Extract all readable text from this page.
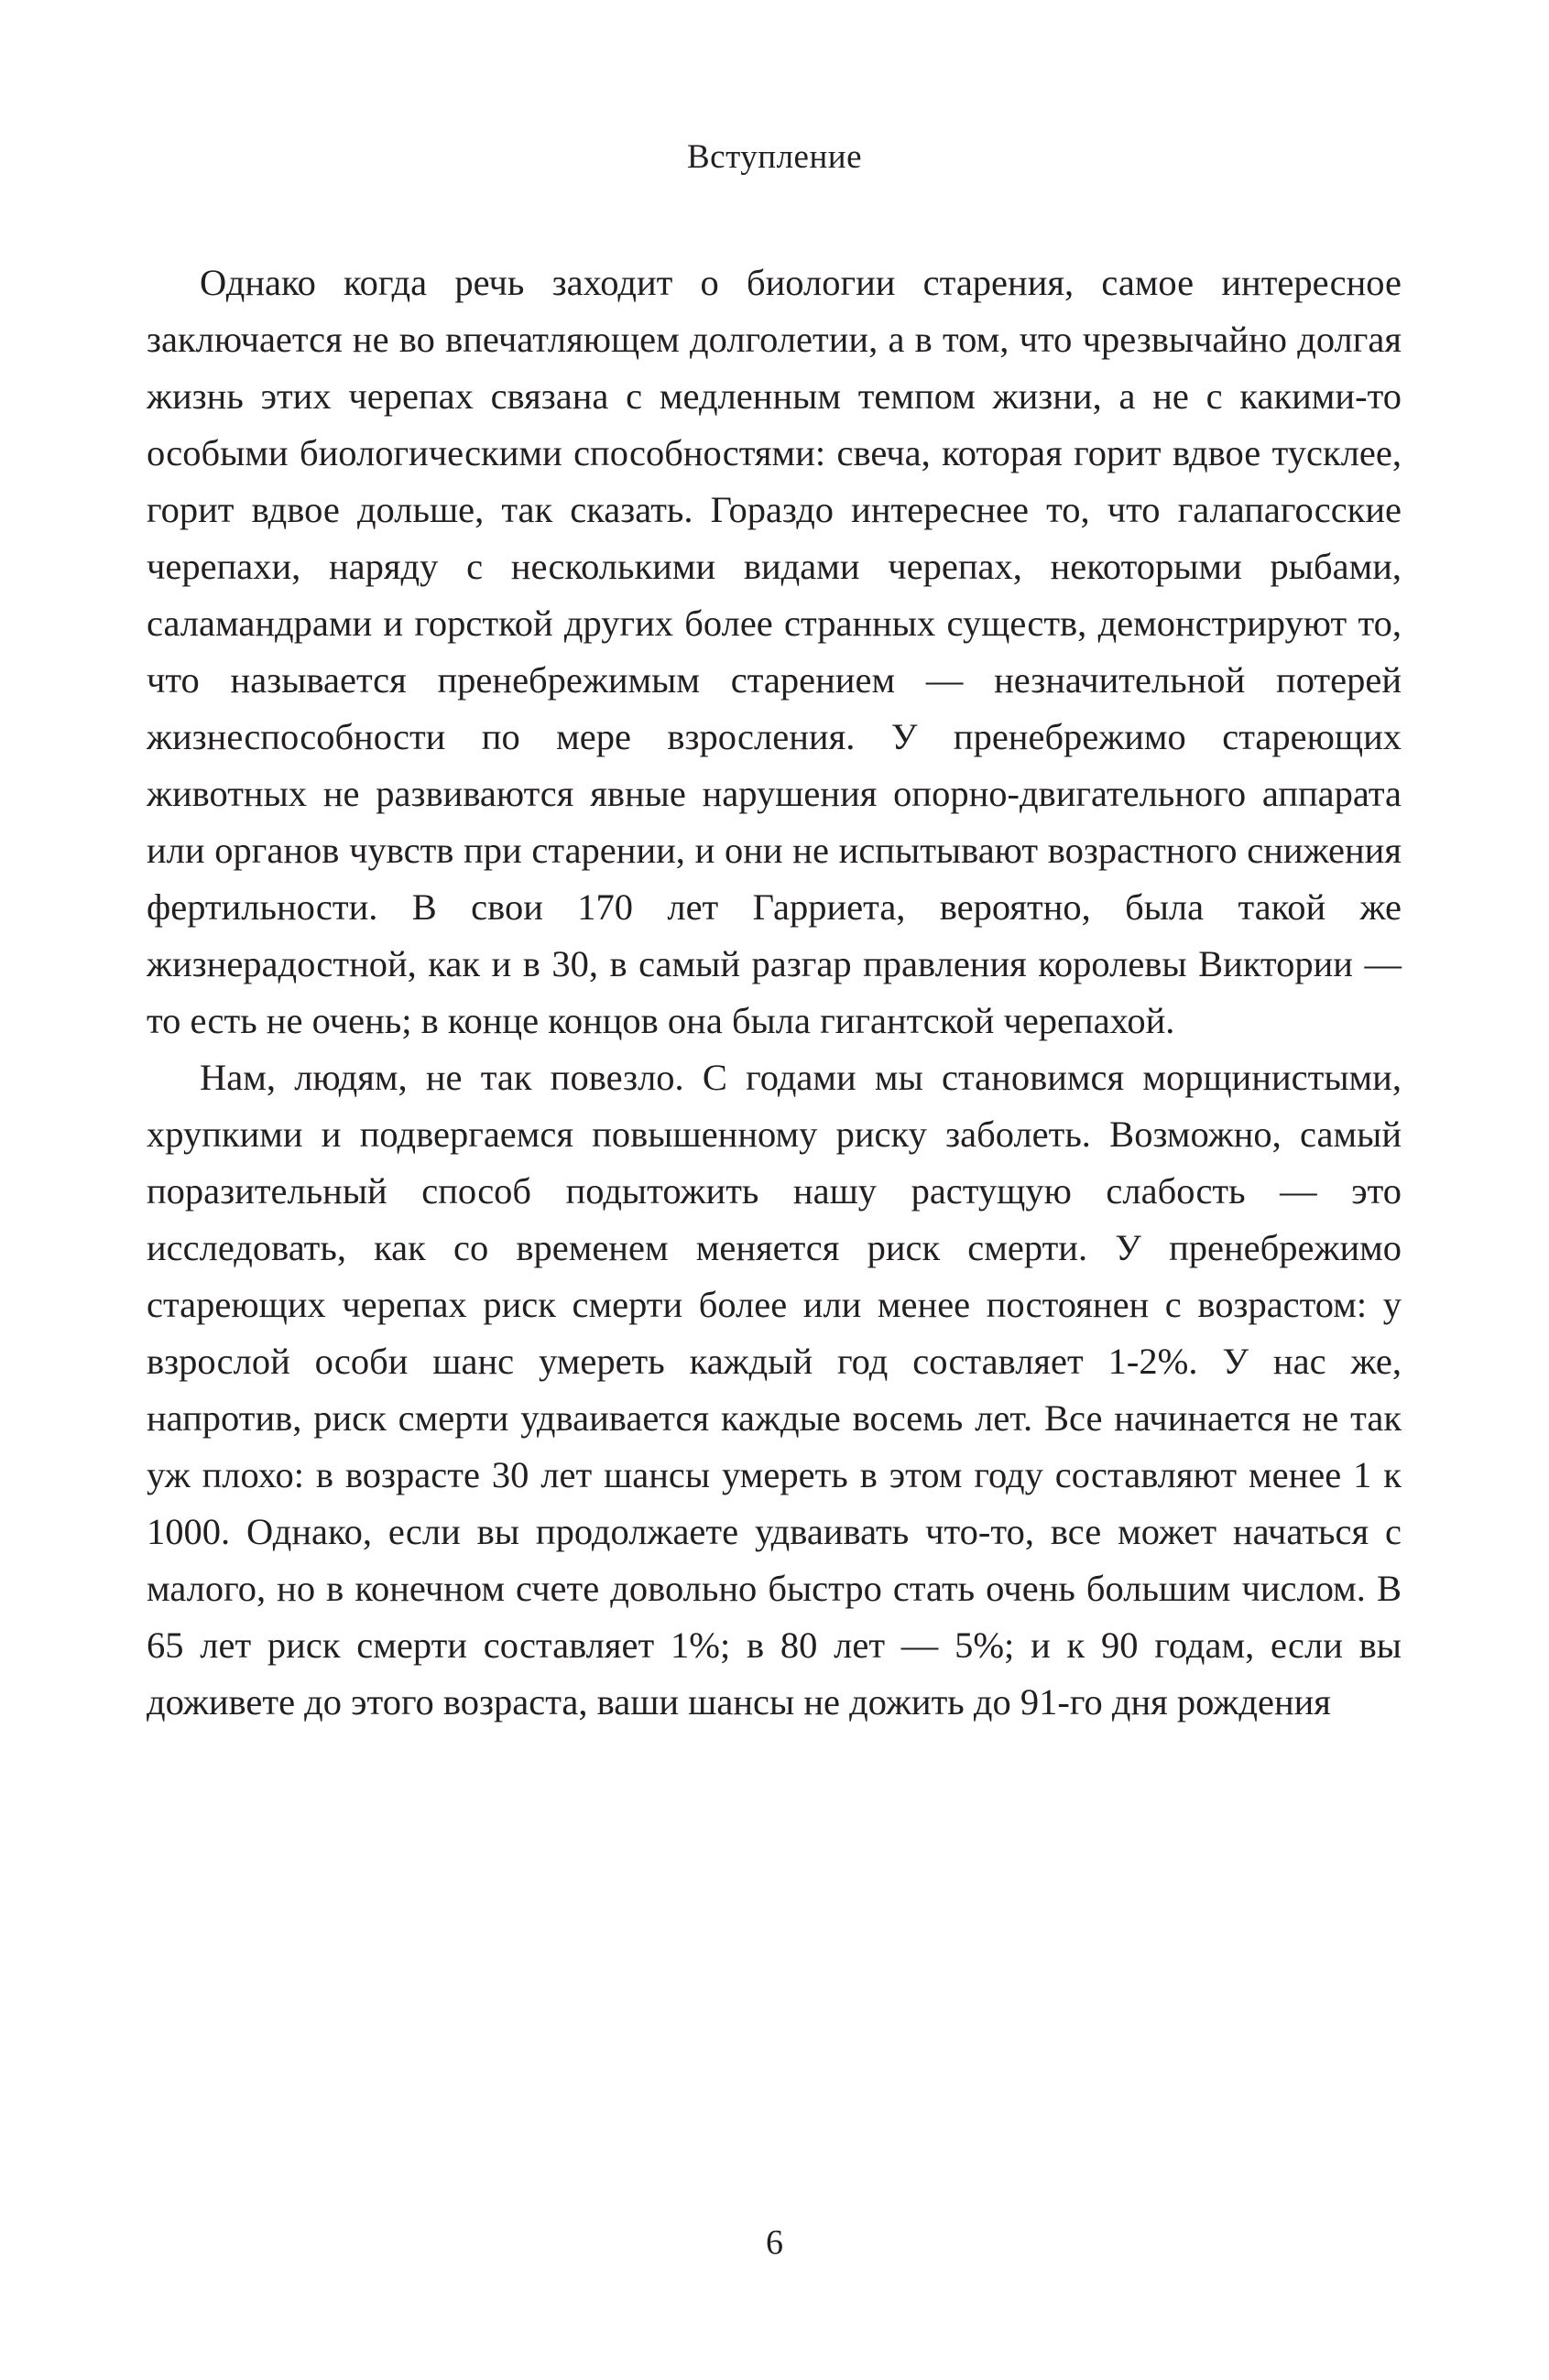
Вступление

Однако когда речь заходит о биологии старения, самое интересное заключается не во впечатляющем долголетии, а в том, что чрезвычайно долгая жизнь этих черепах связана с медленным темпом жизни, а не с какими-то особыми биологическими способностями: свеча, которая горит вдвое тусклее, горит вдвое дольше, так сказать. Гораздо интереснее то, что галапагосские черепахи, наряду с несколькими видами черепах, некоторыми рыбами, саламандрами и горсткой других более странных существ, демонстрируют то, что называется пренебрежимым старением — незначительной потерей жизнеспособности по мере взросления. У пренебрежимо стареющих животных не развиваются явные нарушения опорно-двигательного аппарата или органов чувств при старении, и они не испытывают возрастного снижения фертильности. В свои 170 лет Гарриета, вероятно, была такой же жизнерадостной, как и в 30, в самый разгар правления королевы Виктории — то есть не очень; в конце концов она была гигантской черепахой.

Нам, людям, не так повезло. С годами мы становимся морщинистыми, хрупкими и подвергаемся повышенному риску заболеть. Возможно, самый поразительный способ подытожить нашу растущую слабость — это исследовать, как со временем меняется риск смерти. У пренебрежимо стареющих черепах риск смерти более или менее постоянен с возрастом: у взрослой особи шанс умереть каждый год составляет 1-2%. У нас же, напротив, риск смерти удваивается каждые восемь лет. Все начинается не так уж плохо: в возрасте 30 лет шансы умереть в этом году составляют менее 1 к 1000. Однако, если вы продолжаете удваивать что-то, все может начаться с малого, но в конечном счете довольно быстро стать очень большим числом. В 65 лет риск смерти составляет 1%; в 80 лет — 5%; и к 90 годам, если вы доживете до этого возраста, ваши шансы не дожить до 91-го дня рождения

6
